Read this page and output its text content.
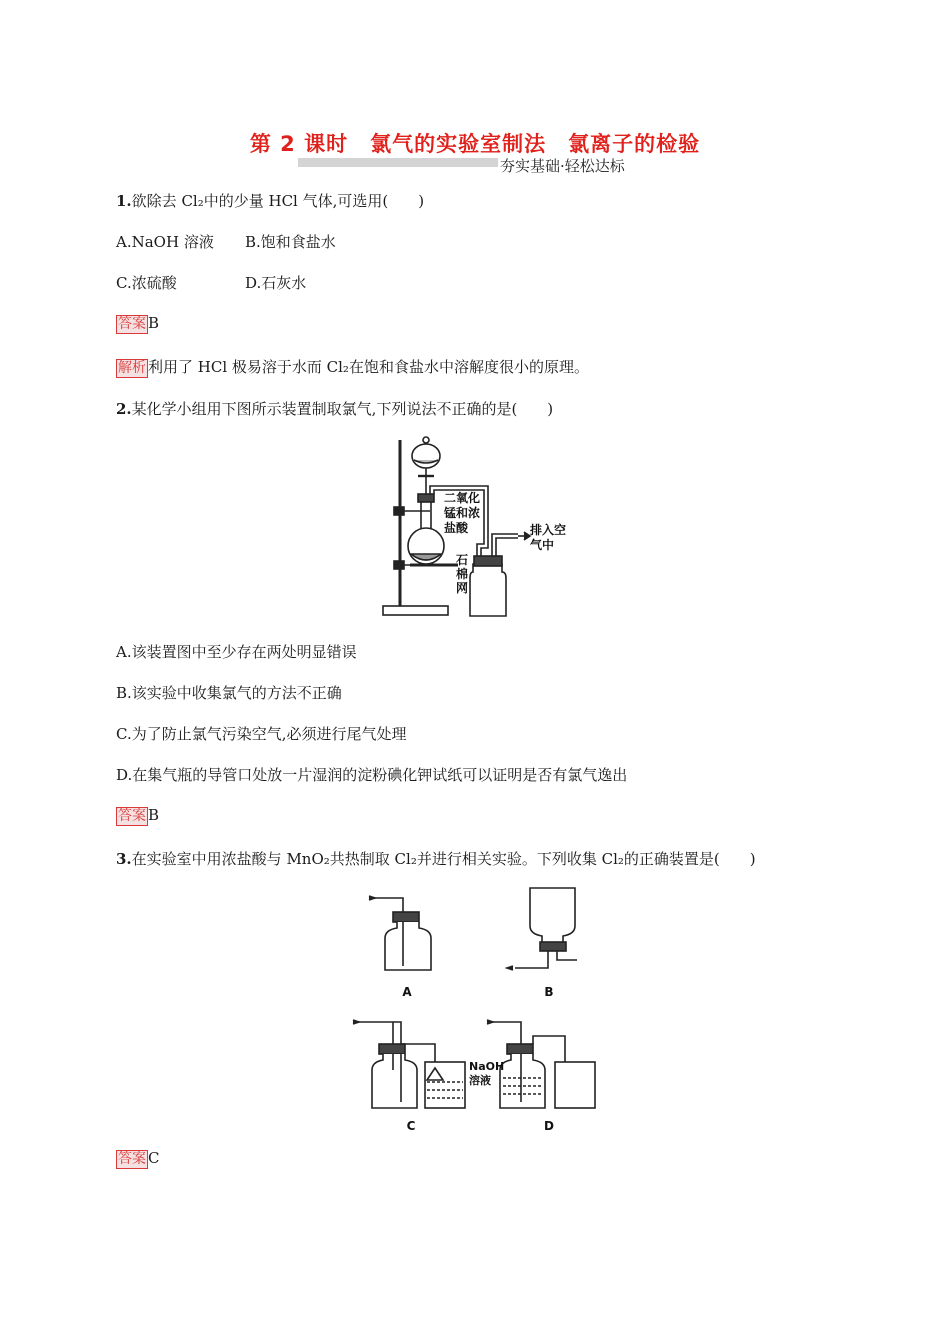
第 2 课时　氯气的实验室制法　氯离子的检验
夯实基础·轻松达标
1.欲除去 Cl₂中的少量 HCl 气体,可选用(　　)
A.NaOH 溶液 B.饱和食盐水
C.浓硫酸	D.石灰水
答案 B
解析 利用了 HCl 极易溶于水而 Cl₂在饱和食盐水中溶解度很小的原理。
2.某化学小组用下图所示装置制取氯气,下列说法不正确的是(　　)
二氧化
锰和浓
盐酸
石
棉
网
排入空
气中
A.该装置图中至少存在两处明显错误
B.该实验中收集氯气的方法不正确
C.为了防止氯气污染空气,必须进行尾气处理
D.在集气瓶的导管口处放一片湿润的淀粉碘化钾试纸可以证明是否有氯气逸出
答案 B
3.在实验室中用浓盐酸与 MnO₂共热制取 Cl₂并进行相关实验。下列收集 Cl₂的正确装置是(　　)
A	B
C	D
NaOH
溶液
答案 C
